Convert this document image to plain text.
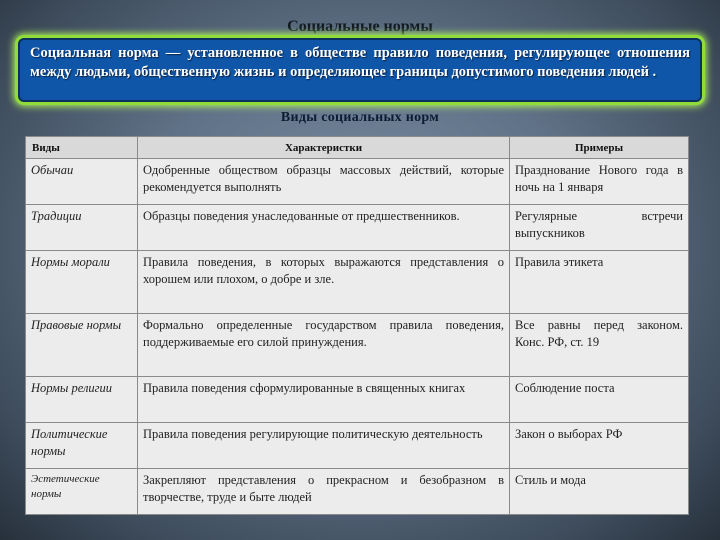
Социальные нормы
Социальная норма — установленное в обществе правило поведения, регулирующее отношения между людьми, общественную жизнь и определяющее границы допустимого поведения людей .
Виды социальных норм
Виды	Характеристки	Примеры
Обычаи	Одобренные обществом образцы массовых действий, которые рекомендуется выполнять	Празднование Нового года в ночь на 1 января
Традиции	Образцы поведения унаследованные от предшественников.	Регулярные встречи выпускников
Нормы морали	Правила поведения, в которых выражаются представления о хорошем или плохом, о добре и зле.	Правила этикета
Правовые нормы	Формально определенные государством правила поведения, поддерживаемые его силой принуждения.	Все равны перед законом. Конс. РФ, ст. 19
Нормы религии	Правила поведения сформулированные в священных книгах	Соблюдение поста
Политические нормы	Правила поведения регулирующие политическую деятельность	Закон о выборах РФ
Эстетические нормы	Закрепляют представления о прекрасном и безобразном в творчестве, труде и быте людей	Стиль и мода
